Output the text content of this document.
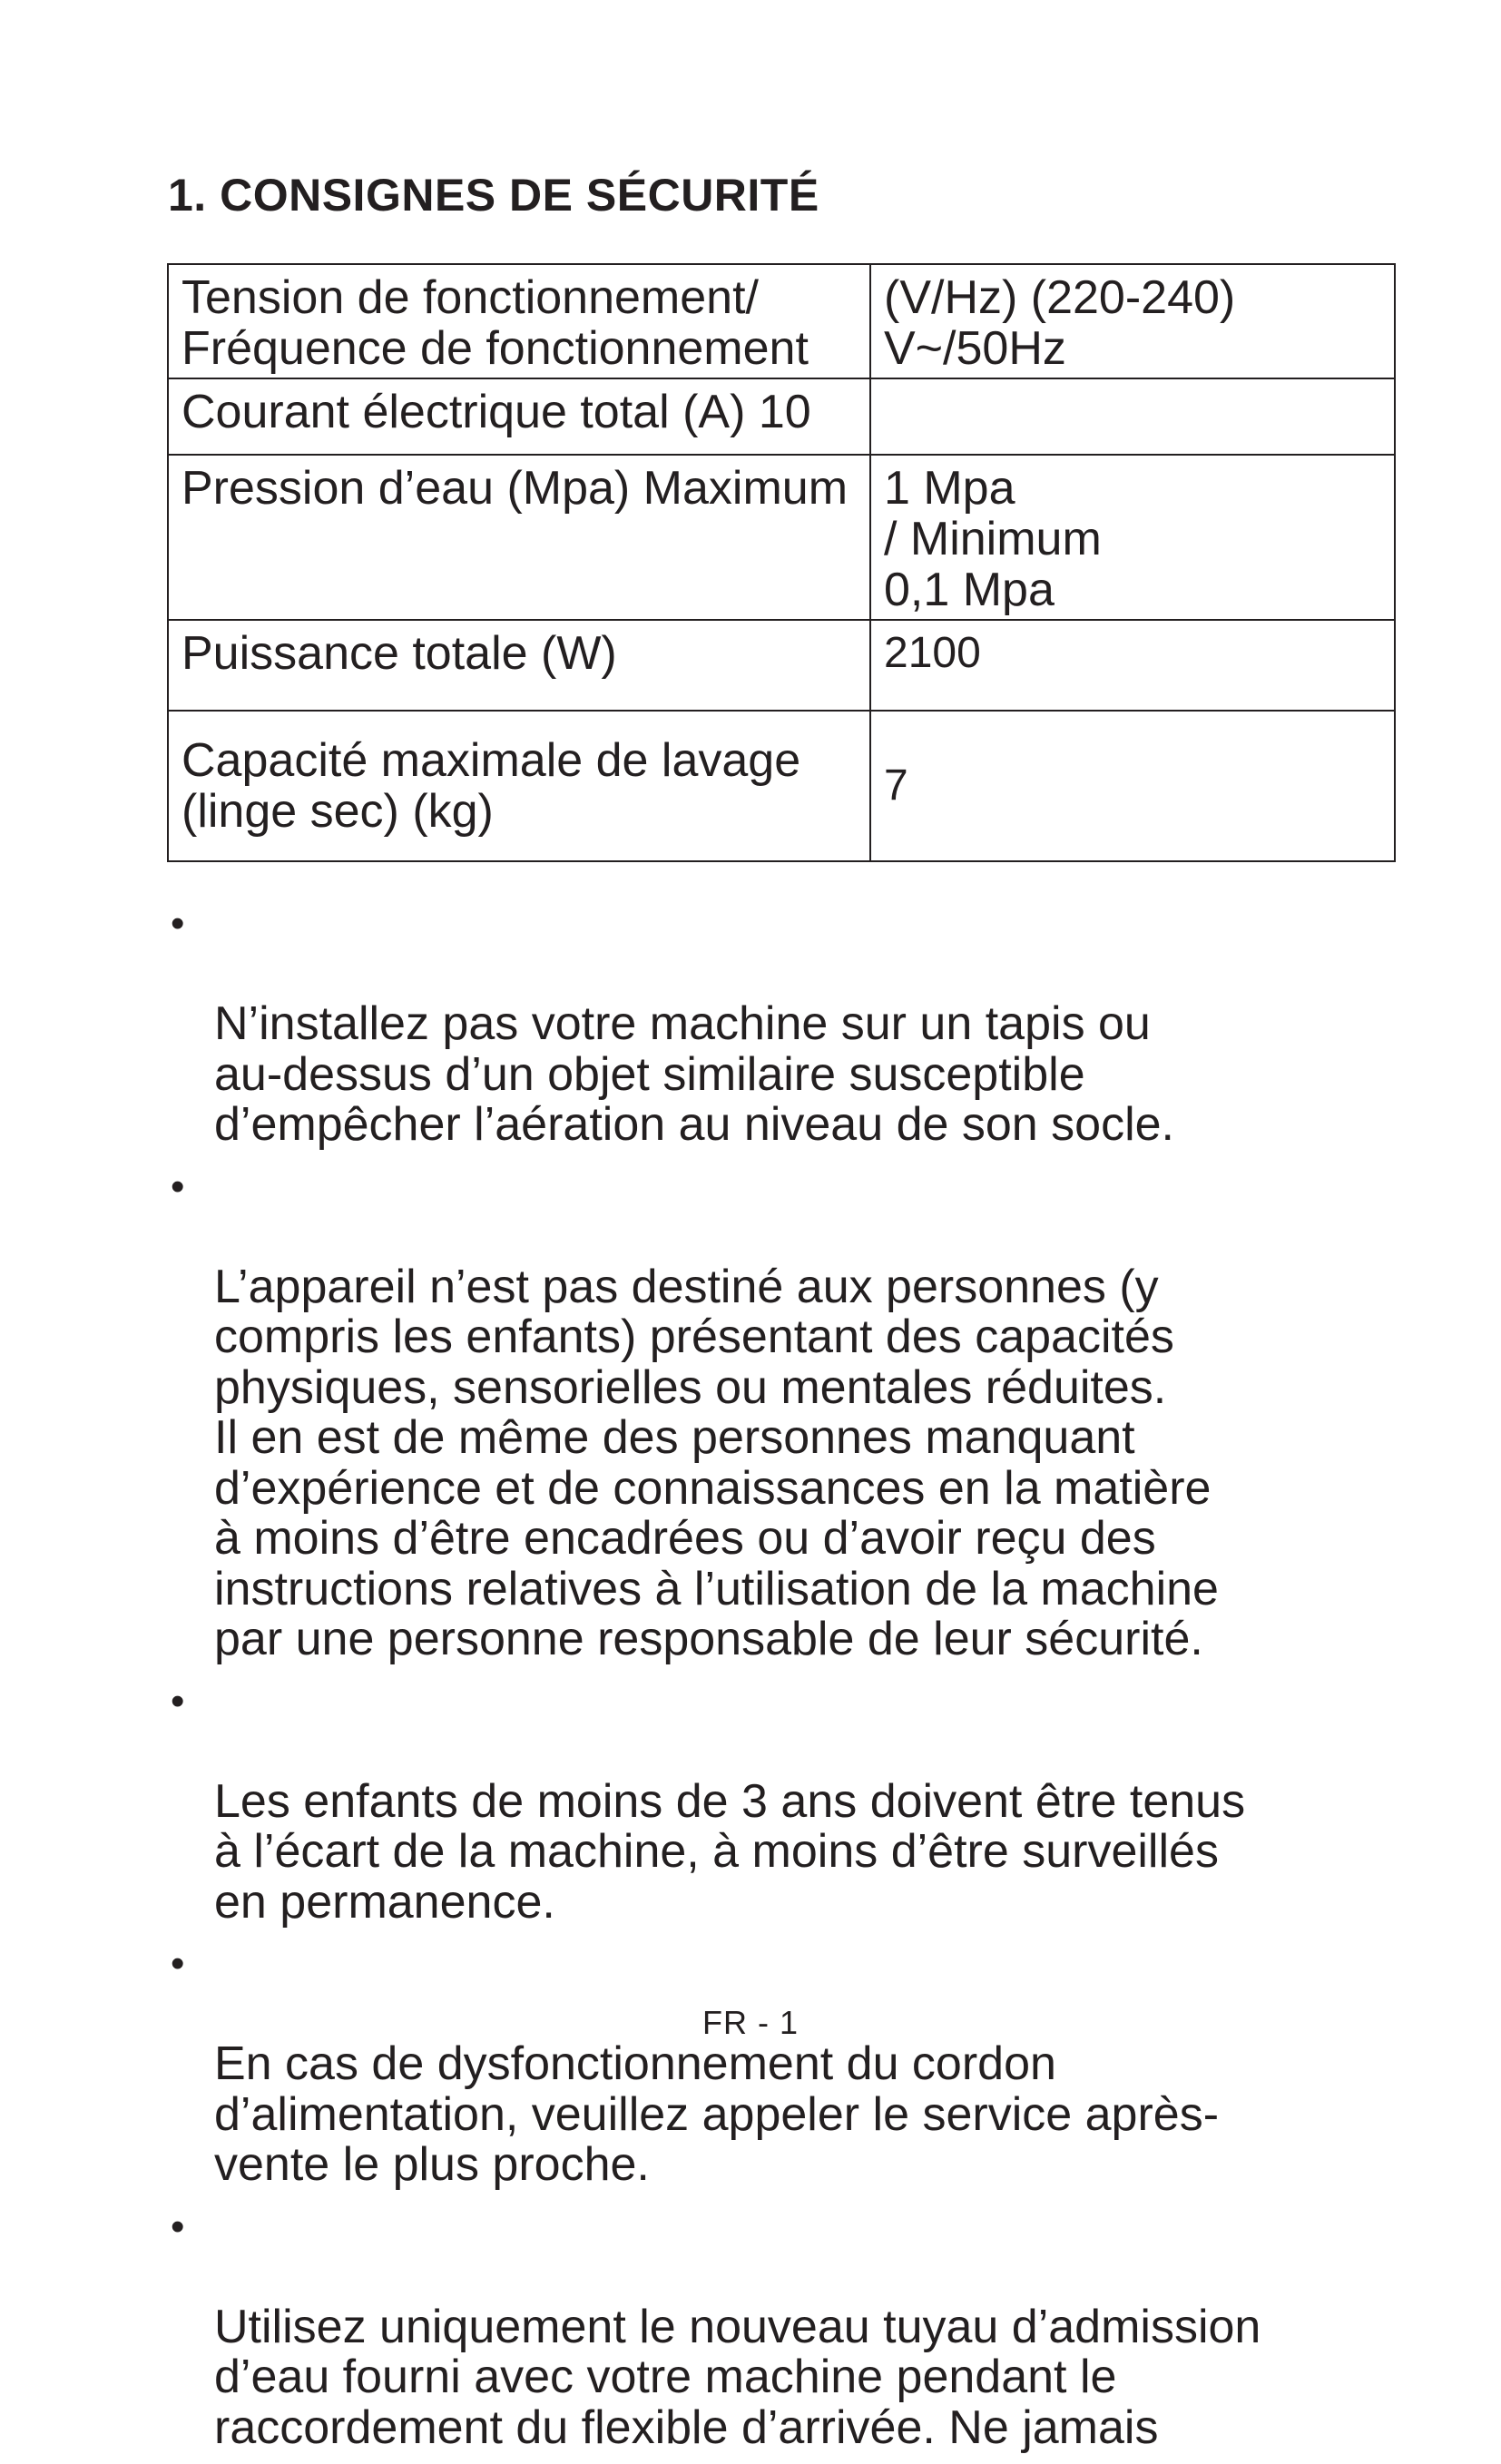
1. CONSIGNES DE SÉCURITÉ
Tension de fonctionnement/
Fréquence de fonctionnement	(V/Hz) (220-240)
V~/50Hz
Courant électrique total (A) 10	
Pression d’eau (Mpa) Maximum	1 Mpa
/ Minimum
0,1 Mpa
Puissance totale (W)	2100
Capacité maximale de lavage
(linge sec) (kg)	7

•

N’installez pas votre machine sur un tapis ou
au-dessus d’un objet similaire susceptible
d’empêcher l’aération au niveau de son socle.

•

L’appareil n’est pas destiné aux personnes (y
compris les enfants) présentant des capacités
physiques, sensorielles ou mentales réduites.
Il en est de même des personnes manquant
d’expérience et de connaissances en la matière
à moins d’être encadrées ou d’avoir reçu des
instructions relatives à l’utilisation de la machine
par une personne responsable de leur sécurité.

•

Les enfants de moins de 3 ans doivent être tenus
à l’écart de la machine, à moins d’être surveillés
en permanence.

•

En cas de dysfonctionnement du cordon
d’alimentation, veuillez appeler le service après-
vente le plus proche.

•

Utilisez uniquement le nouveau tuyau d’admission
d’eau fourni avec votre machine pendant le
raccordement du flexible d’arrivée. Ne jamais

FR - 1
